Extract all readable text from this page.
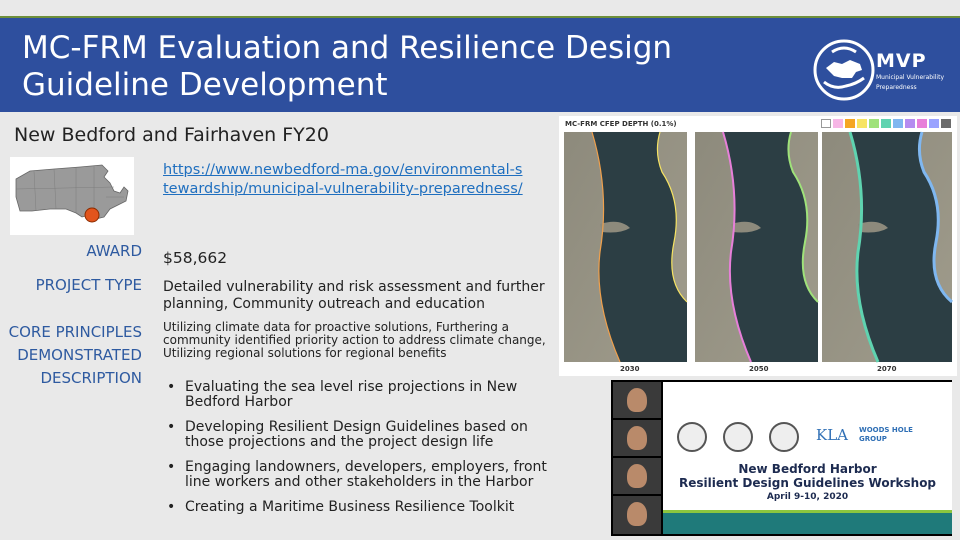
MC-FRM Evaluation and Resilience Design Guideline Development
MVP
Municipal Vulnerability
Preparedness
New Bedford and Fairhaven FY20
https://www.newbedford-ma.gov/environmental-stewardship/municipal-vulnerability-preparedness/
AWARD
PROJECT TYPE
CORE PRINCIPLES
DEMONSTRATED
DESCRIPTION
$58,662
Detailed vulnerability and risk assessment and further planning, Community outreach and education
Utilizing climate data for proactive solutions, Furthering a community identified priority action to address climate change, Utilizing regional solutions for regional benefits
• Evaluating the sea level rise projections in New Bedford Harbor
• Developing Resilient Design Guidelines based on those projections and the project design life
• Engaging landowners, developers, employers, front line workers and other stakeholders in the Harbor
• Creating a Maritime Business Resilience Toolkit
MC-FRM CFEP DEPTH (0.1%)
2030	2050	2070
KLA WOODS HOLE
GROUP
New Bedford Harbor
Resilient Design Guidelines Workshop
April 9-10, 2020
